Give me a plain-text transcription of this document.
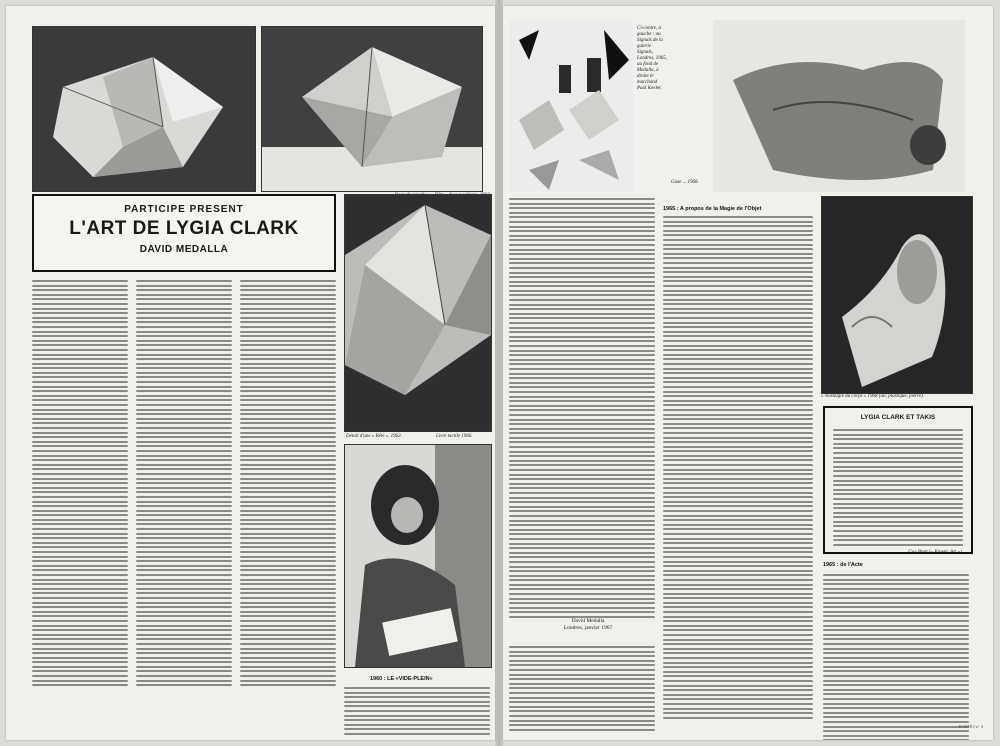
PARTICIPE PRESENT
L'ART DE LYGIA CLARK
DAVID MEDALLA
Détail d'une « Bête ». 1963.	Livre tactile 1966.
1960 : LE «VIDE-PLEIN»
Ci-contre, à gauche : au Signals de la galerie Signals, Londres, 1965, au fond de Medalla, à droite le marchand Paul Keeler.
Gaze ... 1968.
1965 : A propos de la Magie de l'Objet
« Nostalgie du corps » 1968 (air, plastique, pierre).
LYGIA CLARK ET TAKIS
Guy Brett (« Kinetic Art »).
1965 : de l'Acte
David Medalla
Londres, janvier 1967
ROBHO n° 4
